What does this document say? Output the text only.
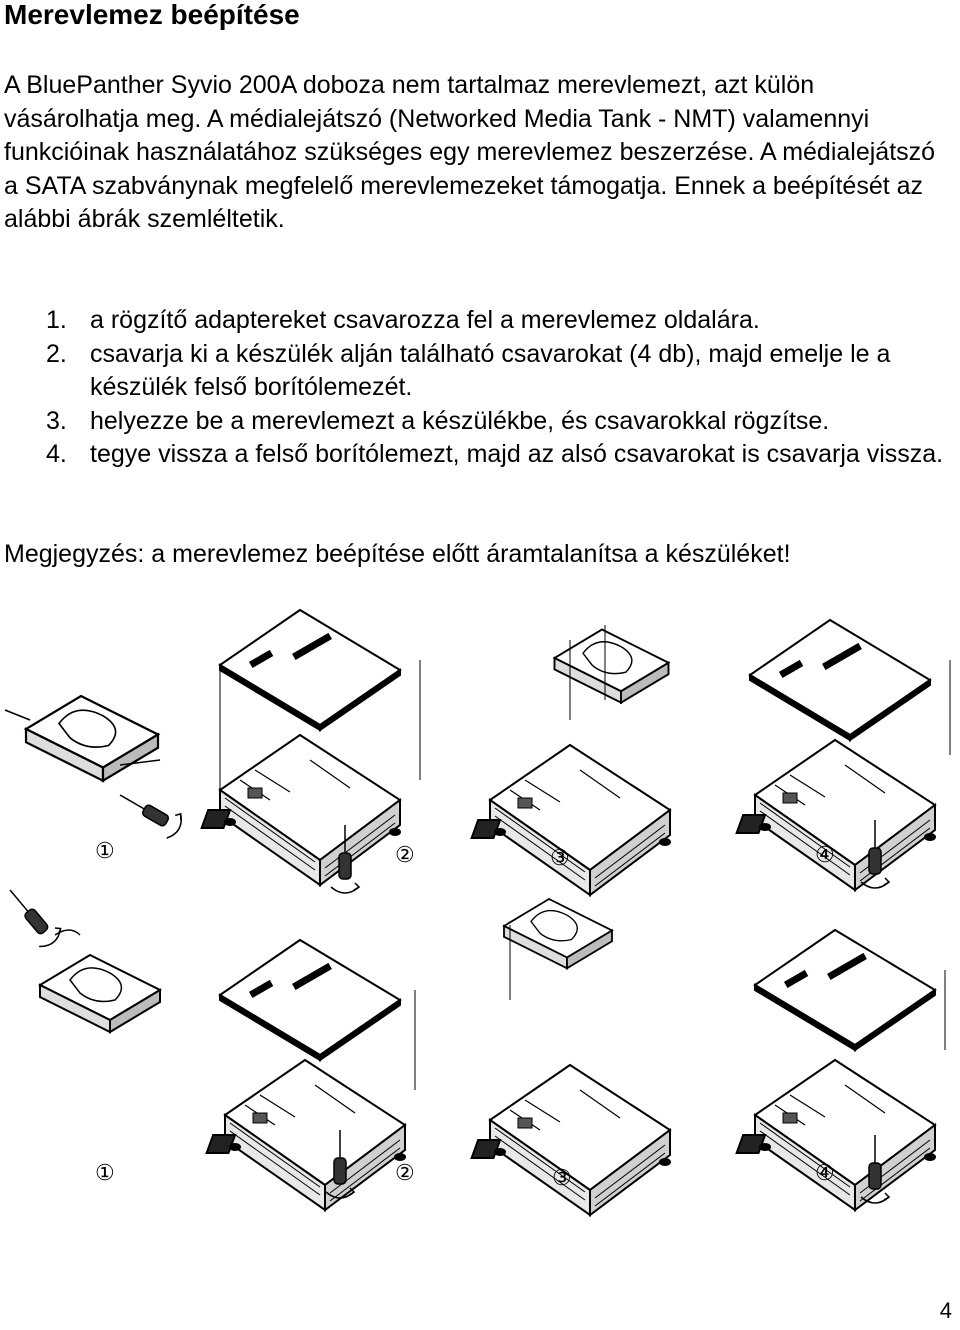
Merevlemez beépítése

A BluePanther Syvio 200A doboza nem tartalmaz merevlemezt, azt külön vásárolhatja meg. A médialejátszó (Networked Media Tank - NMT) valamennyi funkcióinak használatához szükséges egy merevlemez beszerzése. A médialejátszó a SATA szabványnak megfelelő merevlemezeket támogatja. Ennek a beépítését az alábbi ábrák szemléltetik.

1. a rögzítő adaptereket csavarozza fel a merevlemez oldalára.
2. csavarja ki a készülék alján található csavarokat (4 db), majd emelje le a készülék felső borítólemezét.
3. helyezze be a merevlemezt a készülékbe, és csavarokkal rögzítse.
4. tegye vissza a felső borítólemezt, majd az alsó csavarokat is csavarja vissza.

Megjegyzés: a merevlemez beépítése előtt áramtalanítsa a készüléket!

①	②	③	④
①	②	③	④
4
